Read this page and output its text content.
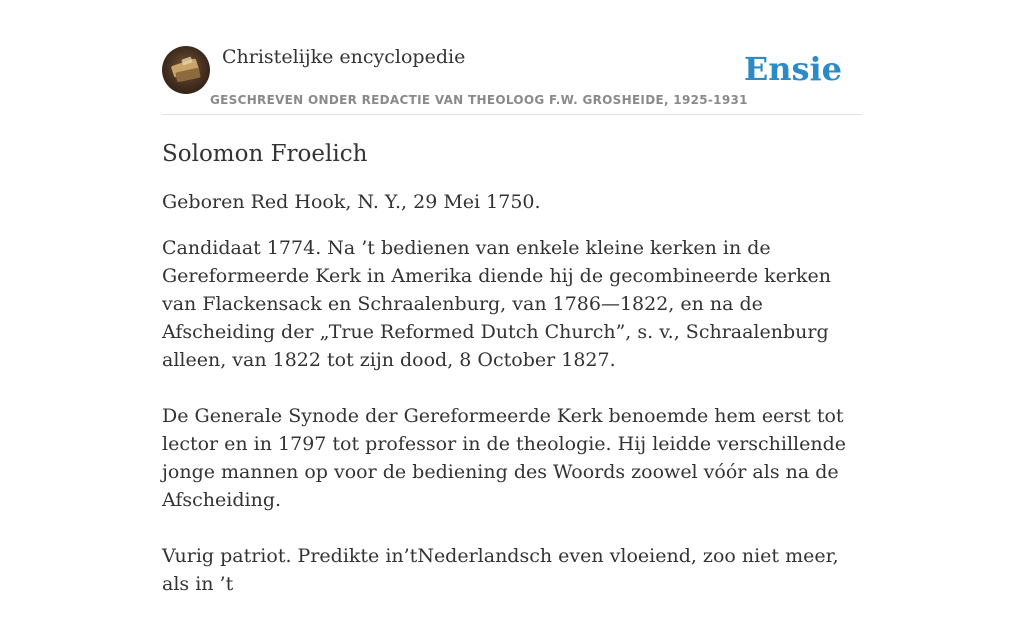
Christelijke encyclopedie
GESCHREVEN ONDER REDACTIE VAN THEOLOOG F.W. GROSHEIDE, 1925-1931
Ensie
Solomon Froelich

Geboren Red Hook, N. Y., 29 Mei 1750.

Candidaat 1774. Na ’t bedienen van enkele kleine kerken in de Gereformeerde Kerk in Amerika diende hij de gecombineerde kerken van Flackensack en Schraalenburg, van 1786—1822, en na de Afscheiding der „True Reformed Dutch Church”, s. v., Schraalenburg alleen, van 1822 tot zijn dood, 8 October 1827.

De Generale Synode der Gereformeerde Kerk benoemde hem eerst tot lector en in 1797 tot professor in de theologie. Hij leidde verschillende jonge mannen op voor de bediening des Woords zoowel vóór als na de Afscheiding.

Vurig patriot. Predikte in’tNederlandsch even vloeiend, zoo niet meer, als in ’t
